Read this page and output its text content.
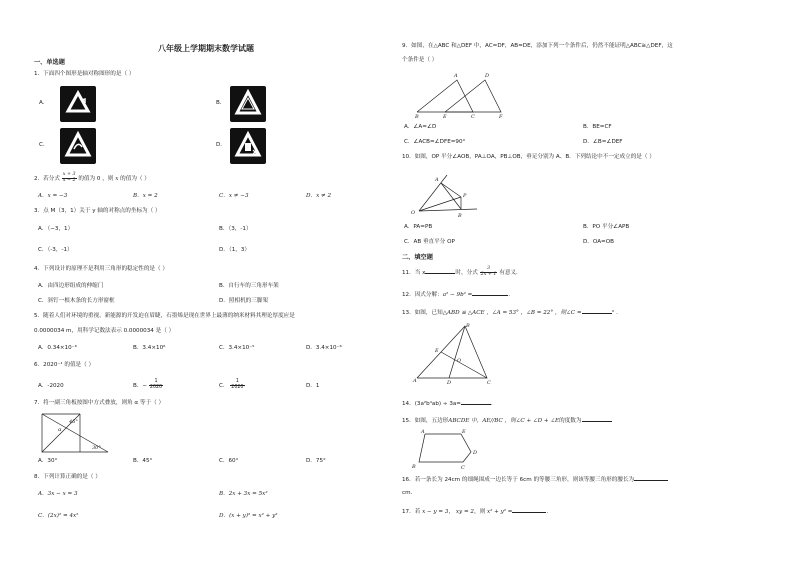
八年级上学期期末数学试题
一、单选题
1．下面四个图形是轴对称图形的是（ ）
A．	B．
C．	D．
2．若分式 $\frac{x + 3}{x - 2}$ 的值为 0 ，则 x 的值为（ ）
A．x = −3	B．x = 2	C．x ≠ −3	D．x ≠ 2
3．点 M（3，1）关于 y 轴的对称点的坐标为（ ）
A．（−3，1）	B．（3，-1）
C．（-3，-1）	D．（1，3）
4．下列设计的原理不是利用三角形的稳定性的是（ ）
A．由四边形组成的伸缩门	B．自行车的三角形车架
C．斜钉一根木条的长方形窗框	D．照相机的三脚架
5．随着人们对环境的重视，新能源的开发迫在眉睫，石墨烯是现在世界上最薄的纳米材料其理论厚度应是
0.0000034 m，用科学记数法表示 0.0000034 是（ ）
A．0.34×10⁻⁶	B．3.4×10⁶	C．3.4×10⁻⁵	D．3.4×10⁻⁶
6．2020⁻¹ 的值是（ ）
A．-2020	B．− $\frac{1}{2020}$	C． $\frac{1}{2020}$	D．1
7．将一副三角板按图中方式叠放，则角 α 等于（ ）
45°
α
30°
A．30°	B．45°	C．60°	D．75°
8．下列计算正确的是（ ）
A．3x − x = 3	B．2x + 3x = 5x²
C．(2x)² = 4x²	D．(x + y)² = x² + y²
9．如图，在△ABC 和△DEF 中，AC=DF，AB=DE，添加下列一个条件后，仍然不能证明△ABC≅△DEF，这
个条件是（ ）
A	D
B	E	C	F
A．∠A=∠D	B．BE=CF
C．∠ACB=∠DFE=90°	D．∠B=∠DEF
10．如图，OP 平分∠AOB，PA⊥OA，PB⊥OB，垂足分别为 A、B．下列结论中不一定成立的是（ ）
A
P
B
O
A．PA=PB	B．PO 平分∠APB
C．AB 垂直平分 OP	D．OA=OB
二、填空题
11．当 x	时，分式 $\frac{3}{2x + 1}$ 有意义．
12．因式分解：a² − 9b² =	．
13．如图，已知△ABD ≌ △ACE ，∠A = 53° ，∠B = 22° ，则∠C =	° ．
E
O
B
A	D	C
14．(3a²b⁴ab) ÷ 3a=	．
15．如图，五边形ABCDE 中，AE//BC ，则∠C + ∠D + ∠E的度数为
A	E
B	C
D
16．若一条长为 24cm 的细绳围成一边长等于 6cm 的等腰三角形，则该等腰三角形的腰长为
cm．
17．若 x − y = 3， xy = 2，则 x² + y² =	．
